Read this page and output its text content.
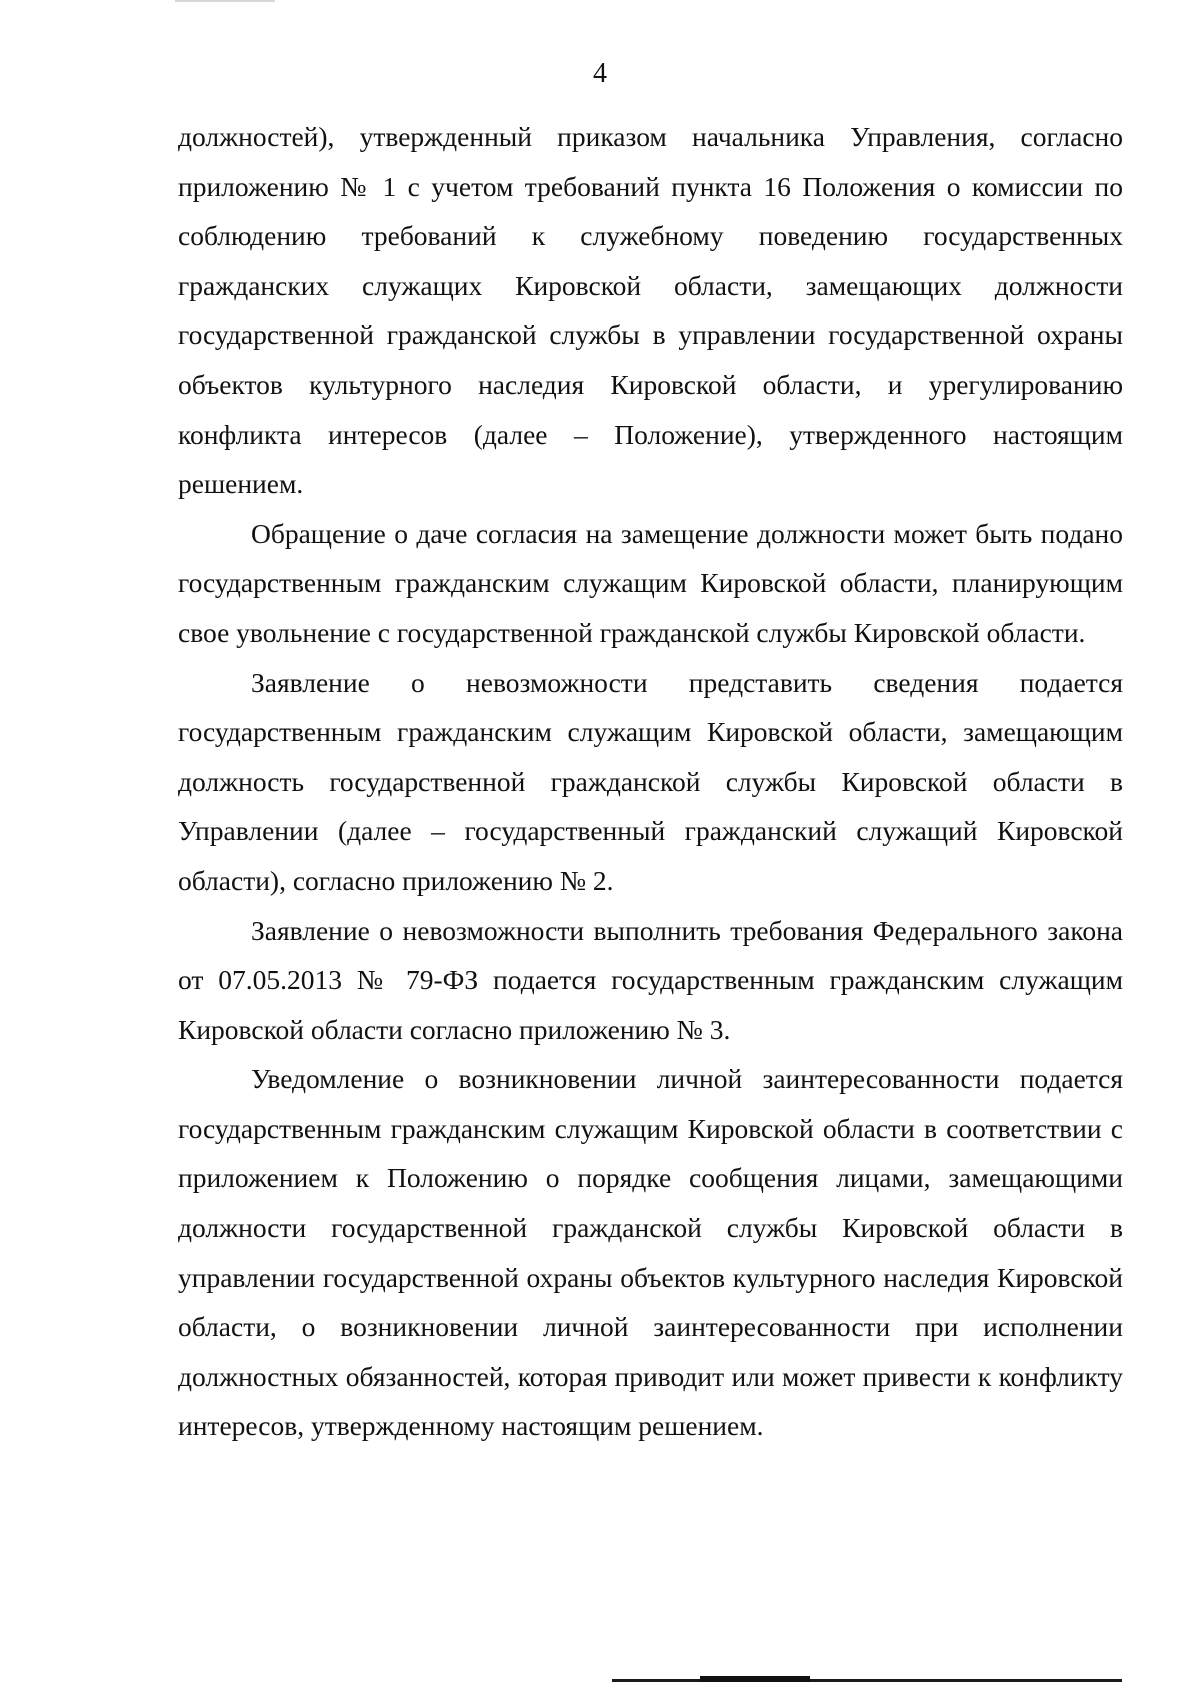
4

должностей), утвержденный приказом начальника Управления, согласно приложению № 1 с учетом требований пункта 16 Положения о комиссии по соблюдению требований к служебному поведению государственных гражданских служащих Кировской области, замещающих должности государственной гражданской службы в управлении государственной охраны объектов культурного наследия Кировской области, и урегулированию конфликта интересов (далее – Положение), утвержденного настоящим решением.

Обращение о даче согласия на замещение должности может быть подано государственным гражданским служащим Кировской области, планирующим свое увольнение с государственной гражданской службы Кировской области.

Заявление о невозможности представить сведения подается государственным гражданским служащим Кировской области, замещающим должность государственной гражданской службы Кировской области в Управлении (далее – государственный гражданский служащий Кировской области), согласно приложению № 2.

Заявление о невозможности выполнить требования Федерального закона от 07.05.2013 № 79-ФЗ подается государственным гражданским служащим Кировской области согласно приложению № 3.

Уведомление о возникновении личной заинтересованности подается государственным гражданским служащим Кировской области в соответствии с приложением к Положению о порядке сообщения лицами, замещающими должности государственной гражданской службы Кировской области в управлении государственной охраны объектов культурного наследия Кировской области, о возникновении личной заинтересованности при исполнении должностных обязанностей, которая приводит или может привести к конфликту интересов, утвержденному настоящим решением.
